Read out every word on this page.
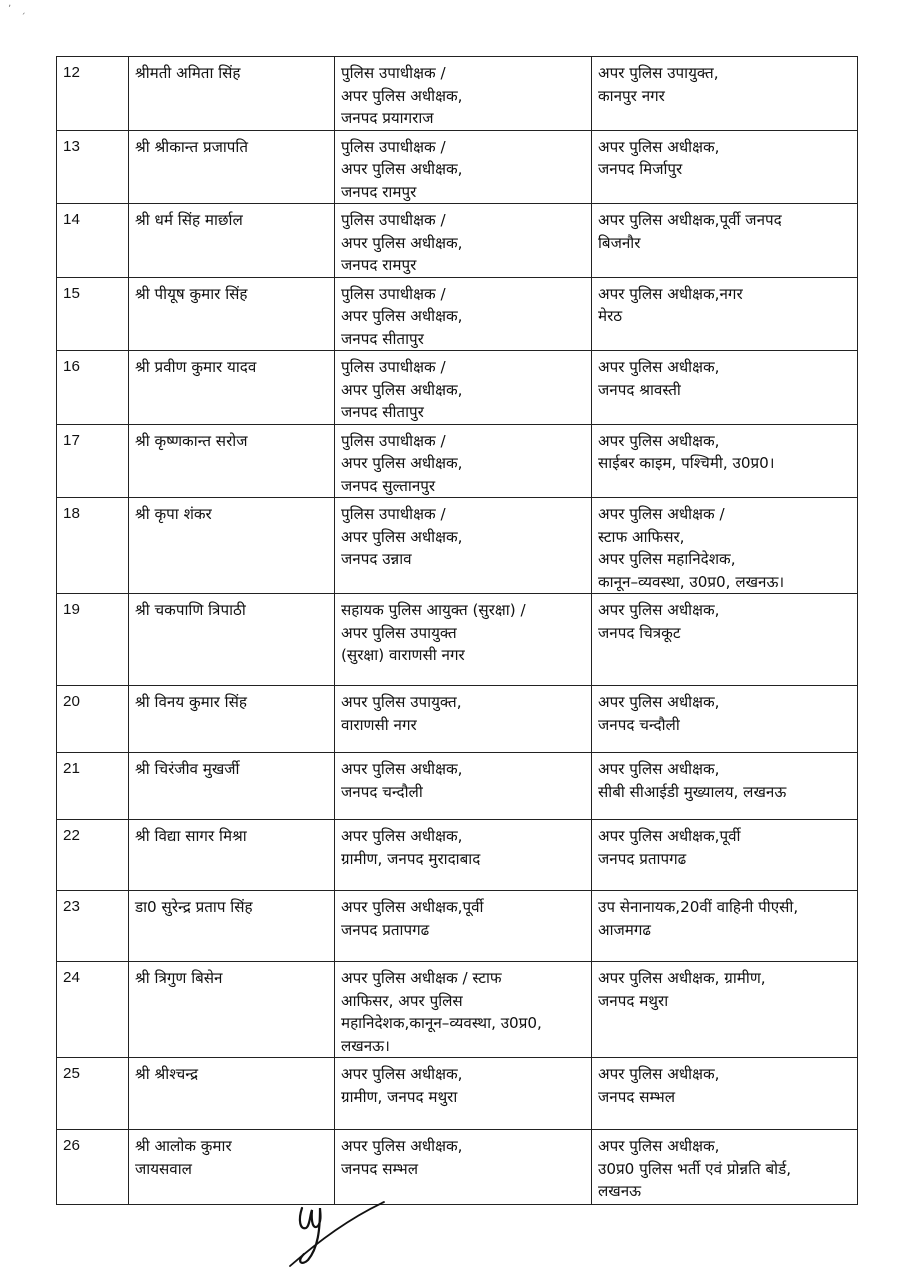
ʼ   ˏ
12	श्रीमती अमिता सिंह	पुलिस उपाधीक्षक /
अपर पुलिस अधीक्षक,
जनपद प्रयागराज	अपर पुलिस उपायुक्त,
कानपुर नगर

13	श्री श्रीकान्त प्रजापति	पुलिस उपाधीक्षक /
अपर पुलिस अधीक्षक,
जनपद रामपुर	अपर पुलिस अधीक्षक,
जनपद मिर्जापुर

14	श्री धर्म सिंह मार्छाल	पुलिस उपाधीक्षक /
अपर पुलिस अधीक्षक,
जनपद रामपुर	अपर पुलिस अधीक्षक,पूर्वी जनपद
बिजनौर

15	श्री पीयूष कुमार सिंह	पुलिस उपाधीक्षक /
अपर पुलिस अधीक्षक,
जनपद सीतापुर	अपर पुलिस अधीक्षक,नगर
मेरठ

16	श्री प्रवीण कुमार यादव	पुलिस उपाधीक्षक /
अपर पुलिस अधीक्षक,
जनपद सीतापुर	अपर पुलिस अधीक्षक,
जनपद श्रावस्ती

17	श्री कृष्णकान्त सरोज	पुलिस उपाधीक्षक /
अपर पुलिस अधीक्षक,
जनपद सुल्तानपुर	अपर पुलिस अधीक्षक,
साईबर काइम, पश्चिमी, उ0प्र0।

18	श्री कृपा शंकर	पुलिस उपाधीक्षक /
अपर पुलिस अधीक्षक,
जनपद उन्नाव	अपर पुलिस अधीक्षक /
स्टाफ आफिसर,
अपर पुलिस महानिदेशक,
कानून–व्यवस्था, उ0प्र0, लखनऊ।

19	श्री चकपाणि त्रिपाठी	सहायक पुलिस आयुक्त (सुरक्षा) /
अपर पुलिस उपायुक्त
(सुरक्षा) वाराणसी नगर	अपर पुलिस अधीक्षक,
जनपद चित्रकूट

20	श्री विनय कुमार सिंह	अपर पुलिस उपायुक्त,
वाराणसी नगर	अपर पुलिस अधीक्षक,
जनपद चन्दौली

21	श्री चिरंजीव मुखर्जी	अपर पुलिस अधीक्षक,
जनपद चन्दौली	अपर पुलिस अधीक्षक,
सीबी सीआईडी मुख्यालय, लखनऊ

22	श्री विद्या सागर मिश्रा	अपर पुलिस अधीक्षक,
ग्रामीण, जनपद मुरादाबाद	अपर पुलिस अधीक्षक,पूर्वी
जनपद प्रतापगढ

23	डा0 सुरेन्द्र प्रताप सिंह	अपर पुलिस अधीक्षक,पूर्वी
जनपद प्रतापगढ	उप सेनानायक,20वीं वाहिनी पीएसी,
आजमगढ

24	श्री त्रिगुण बिसेन	अपर पुलिस अधीक्षक / स्टाफ
आफिसर, अपर पुलिस
महानिदेशक,कानून–व्यवस्था, उ0प्र0,
लखनऊ।	अपर पुलिस अधीक्षक, ग्रामीण,
जनपद मथुरा

25	श्री श्रीश्चन्द्र	अपर पुलिस अधीक्षक,
ग्रामीण, जनपद मथुरा	अपर पुलिस अधीक्षक,
जनपद सम्भल

26	श्री आलोक कुमार
जायसवाल	अपर पुलिस अधीक्षक,
जनपद सम्भल	अपर पुलिस अधीक्षक,
उ0प्र0 पुलिस भर्ती एवं प्रोन्नति बोर्ड,
लखनऊ
